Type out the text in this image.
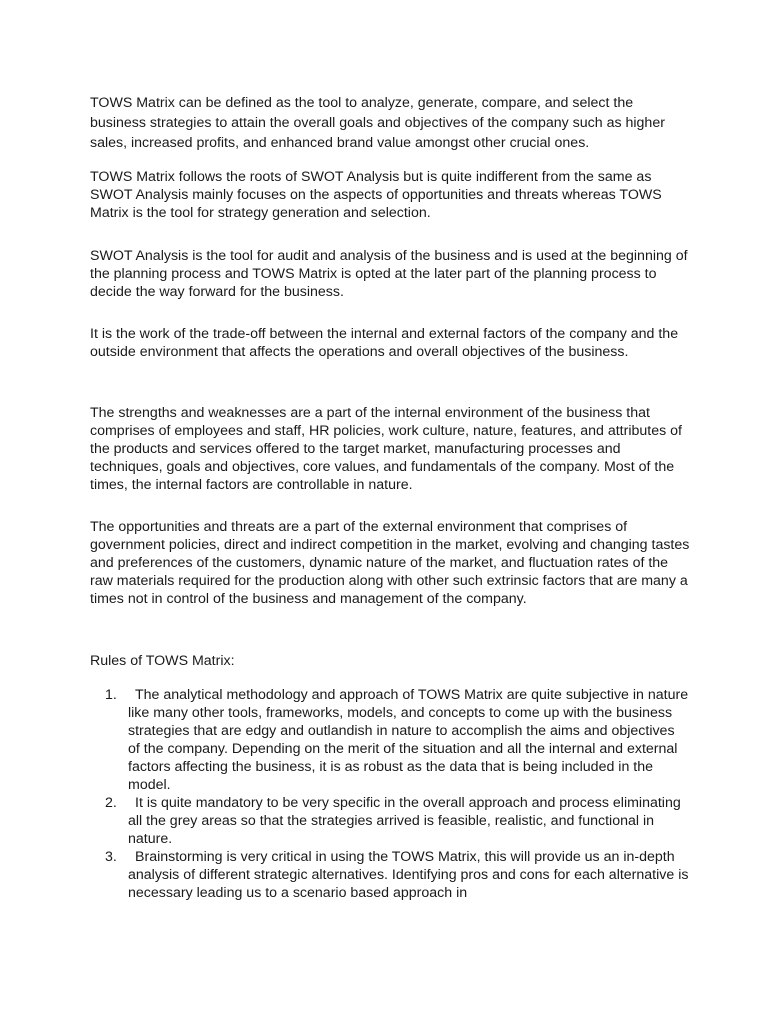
TOWS Matrix can be defined as the tool to analyze, generate, compare, and select the business strategies to attain the overall goals and objectives of the company such as higher sales, increased profits, and enhanced brand value amongst other crucial ones.

TOWS Matrix follows the roots of SWOT Analysis but is quite indifferent from the same as SWOT Analysis mainly focuses on the aspects of opportunities and threats whereas TOWS Matrix is the tool for strategy generation and selection.

SWOT Analysis is the tool for audit and analysis of the business and is used at the beginning of the planning process and TOWS Matrix is opted at the later part of the planning process to decide the way forward for the business.

It is the work of the trade-off between the internal and external factors of the company and the outside environment that affects the operations and overall objectives of the business.

The strengths and weaknesses are a part of the internal environment of the business that comprises of employees and staff, HR policies, work culture, nature, features, and attributes of the products and services offered to the target market, manufacturing processes and techniques, goals and objectives, core values, and fundamentals of the company. Most of the times, the internal factors are controllable in nature.

The opportunities and threats are a part of the external environment that comprises of government policies, direct and indirect competition in the market, evolving and changing tastes and preferences of the customers, dynamic nature of the market, and fluctuation rates of the raw materials required for the production along with other such extrinsic factors that are many a times not in control of the business and management of the company.

Rules of TOWS Matrix:

1.	The analytical methodology and approach of TOWS Matrix are quite subjective in nature like many other tools, frameworks, models, and concepts to come up with the business strategies that are edgy and outlandish in nature to accomplish the aims and objectives of the company. Depending on the merit of the situation and all the internal and external factors affecting the business, it is as robust as the data that is being included in the model.
2.	It is quite mandatory to be very specific in the overall approach and process eliminating all the grey areas so that the strategies arrived is feasible, realistic, and functional in nature.
3.	Brainstorming is very critical in using the TOWS Matrix, this will provide us an in-depth analysis of different strategic alternatives. Identifying pros and cons for each alternative is necessary leading us to a scenario based approach in
